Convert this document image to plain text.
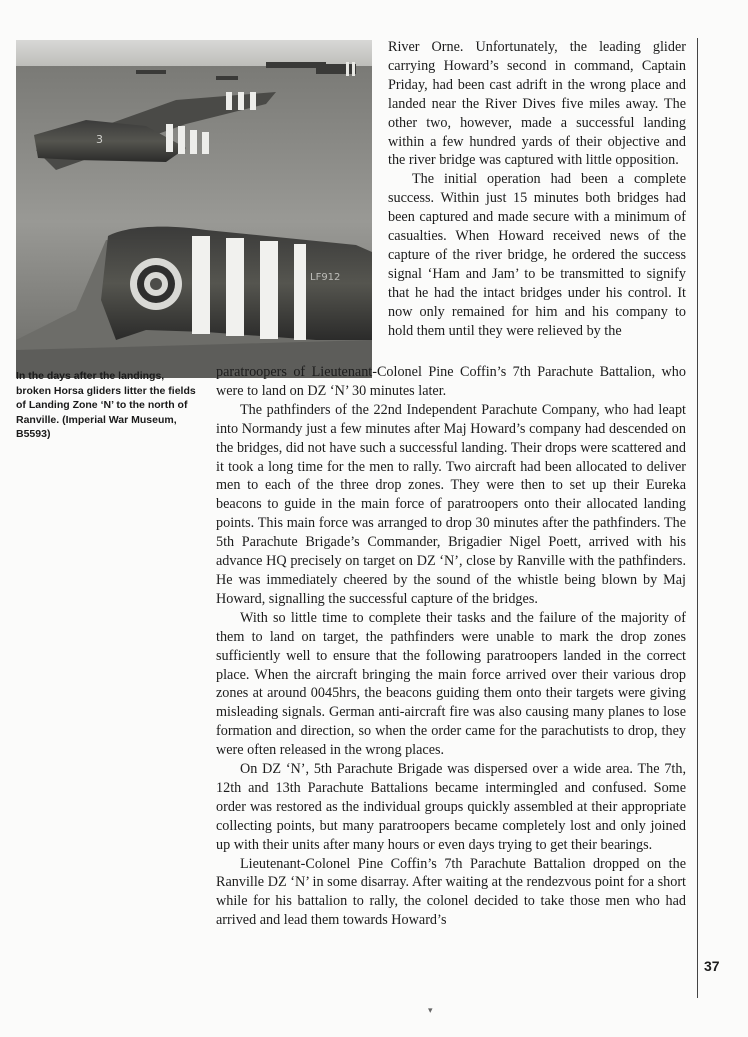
3
LF912

In the days after the landings, broken Horsa gliders litter the fields of Landing Zone ‘N’ to the north of Ranville. (Imperial War Museum, B5593)

River Orne. Unfortunately, the leading glider carrying Howard’s second in command, Captain Priday, had been cast adrift in the wrong place and landed near the River Dives five miles away. The other two, however, made a successful landing within a few hundred yards of their objective and the river bridge was captured with little opposition.

The initial operation had been a complete success. Within just 15 minutes both bridges had been captured and made secure with a minimum of casualties. When Howard received news of the capture of the river bridge, he ordered the success signal ‘Ham and Jam’ to be transmitted to signify that he had the intact bridges under his control. It now only remained for him and his company to hold them until they were relieved by the

paratroopers of Lieutenant-Colonel Pine Coffin’s 7th Parachute Battalion, who were to land on DZ ‘N’ 30 minutes later.

The pathfinders of the 22nd Independent Parachute Company, who had leapt into Normandy just a few minutes after Maj Howard’s company had descended on the bridges, did not have such a successful landing. Their drops were scattered and it took a long time for the men to rally. Two aircraft had been allocated to deliver men to each of the three drop zones. They were then to set up their Eureka beacons to guide in the main force of paratroopers onto their allocated landing points. This main force was arranged to drop 30 minutes after the pathfinders. The 5th Parachute Brigade’s Commander, Brigadier Nigel Poett, arrived with his advance HQ precisely on target on DZ ‘N’, close by Ranville with the pathfinders. He was immediately cheered by the sound of the whistle being blown by Maj Howard, signalling the successful capture of the bridges.

With so little time to complete their tasks and the failure of the majority of them to land on target, the pathfinders were unable to mark the drop zones sufficiently well to ensure that the following paratroopers landed in the correct place. When the aircraft bringing the main force arrived over their various drop zones at around 0045hrs, the beacons guiding them onto their targets were giving misleading signals. German anti-aircraft fire was also causing many planes to lose formation and direction, so when the order came for the parachutists to drop, they were often released in the wrong places.

On DZ ‘N’, 5th Parachute Brigade was dispersed over a wide area. The 7th, 12th and 13th Parachute Battalions became intermingled and confused. Some order was restored as the individual groups quickly assembled at their appropriate collecting points, but many paratroopers became completely lost and only joined up with their units after many hours or even days trying to get their bearings.

Lieutenant-Colonel Pine Coffin’s 7th Parachute Battalion dropped on the Ranville DZ ‘N’ in some disarray. After waiting at the rendezvous point for a short while for his battalion to rally, the colonel decided to take those men who had arrived and lead them towards Howard’s

37
▾
